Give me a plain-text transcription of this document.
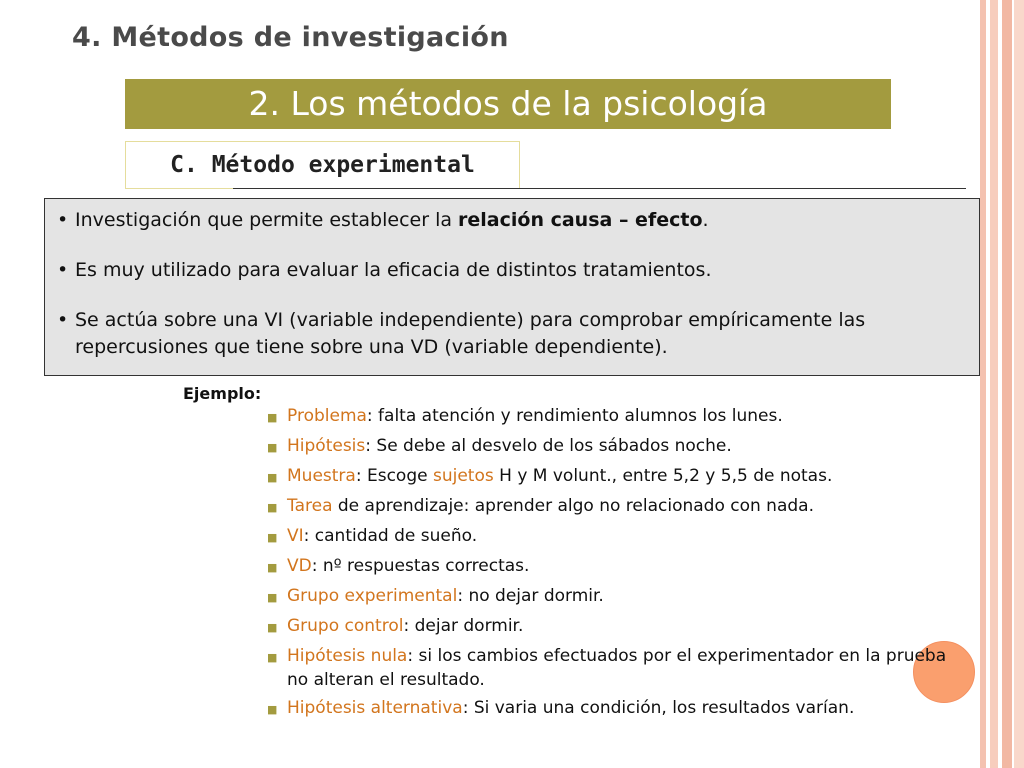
4. Métodos de investigación
2. Los métodos de la psicología
C. Método experimental

• Investigación que permite establecer la relación causa – efecto.

• Es muy utilizado para evaluar la eficacia de distintos tratamientos.

• Se actúa sobre una VI (variable independiente) para comprobar empíricamente las repercusiones que tiene sobre una VD (variable dependiente).

Ejemplo:
■ Problema: falta atención y rendimiento alumnos los lunes.
■ Hipótesis: Se debe al desvelo de los sábados noche.
■ Muestra: Escoge sujetos H y M volunt., entre 5,2 y 5,5 de notas.
■ Tarea de aprendizaje: aprender algo no relacionado con nada.
■ VI: cantidad de sueño.
■ VD: nº respuestas correctas.
■ Grupo experimental: no dejar dormir.
■ Grupo control: dejar dormir.
■ Hipótesis nula: si los cambios efectuados por el experimentador en la prueba no alteran el resultado.
■ Hipótesis alternativa: Si varia una condición, los resultados varían.
